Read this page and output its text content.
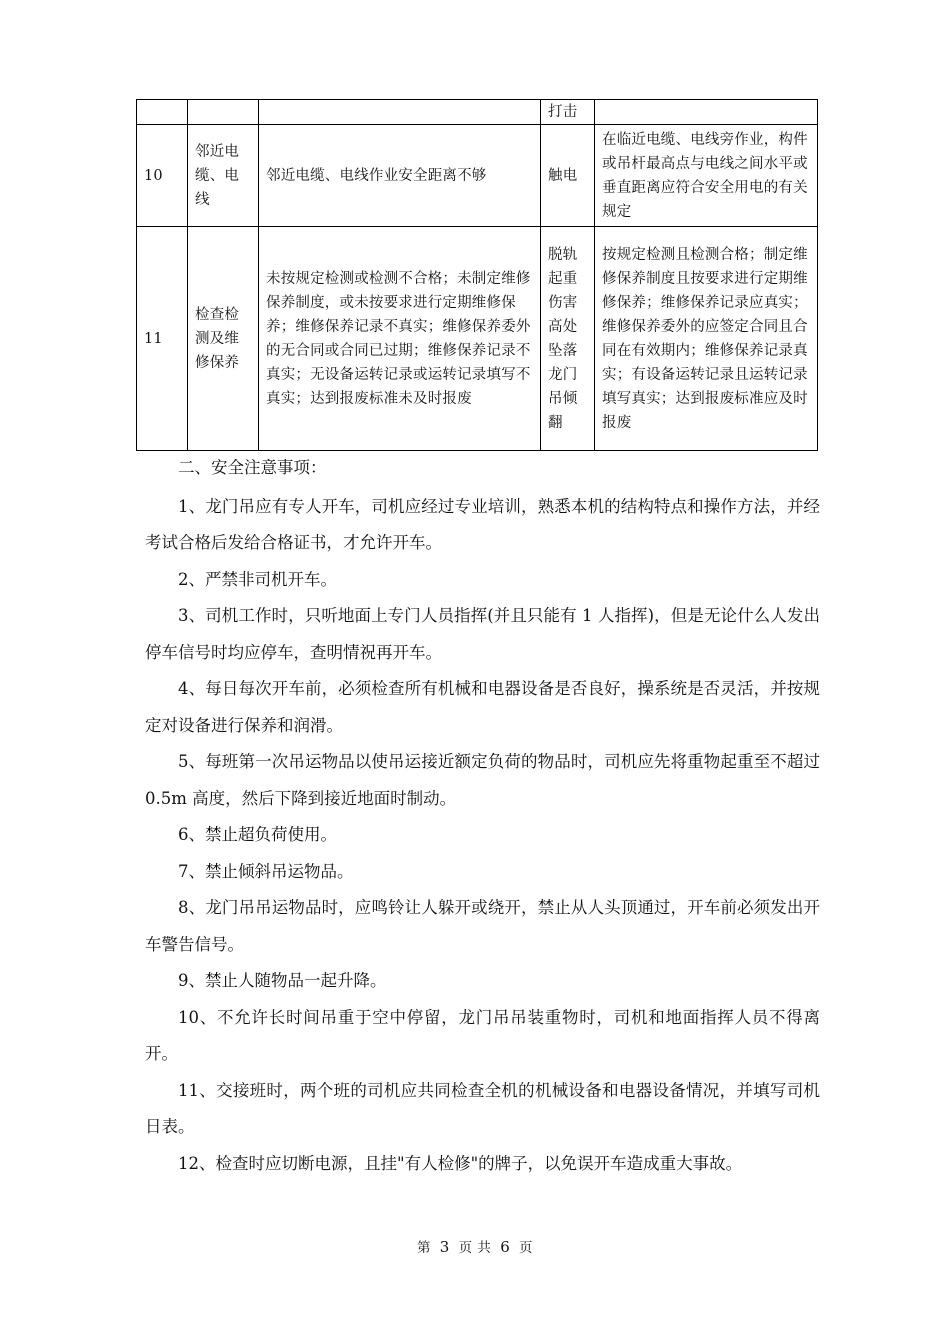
			打击	
10	邻近电缆、电线	邻近电缆、电线作业安全距离不够	触电	在临近电缆、电线旁作业，构件或吊杆最高点与电线之间水平或垂直距离应符合安全用电的有关规定
11	检查检测及维修保养	未按规定检测或检测不合格；未制定维修保养制度，或未按要求进行定期维修保养；维修保养记录不真实；维修保养委外的无合同或合同已过期；维修保养记录不真实；无设备运转记录或运转记录填写不真实；达到报废标准未及时报废	脱轨起重伤害高处坠落龙门吊倾翻	按规定检测且检测合格；制定维修保养制度且按要求进行定期维修保养；维修保养记录应真实；维修保养委外的应签定合同且合同在有效期内；维修保养记录真实；有设备运转记录且运转记录填写真实；达到报废标准应及时报废

二、安全注意事项：

1、龙门吊应有专人开车，司机应经过专业培训，熟悉本机的结构特点和操作方法，并经考试合格后发给合格证书，才允许开车。

2、严禁非司机开车。

3、司机工作时，只听地面上专门人员指挥(并且只能有 1 人指挥)，但是无论什么人发出停车信号时均应停车，查明情祝再开车。

4、每日每次开车前，必须检查所有机械和电器设备是否良好，操系统是否灵活，并按规定对设备进行保养和润滑。

5、每班第一次吊运物品以使吊运接近额定负荷的物品时，司机应先将重物起重至不超过 0.5m 高度，然后下降到接近地面时制动。

6、禁止超负荷使用。

7、禁止倾斜吊运物品。

8、龙门吊吊运物品时，应鸣铃让人躲开或绕开，禁止从人头顶通过，开车前必须发出开车警告信号。

9、禁止人随物品一起升降。

10、不允许长时间吊重于空中停留，龙门吊吊装重物时，司机和地面指挥人员不得离开。

11、交接班时，两个班的司机应共同检查全机的机械设备和电器设备情况，并填写司机日表。

12、检查时应切断电源，且挂"有人检修"的牌子，以免误开车造成重大事故。

第 3 页 共 6 页
